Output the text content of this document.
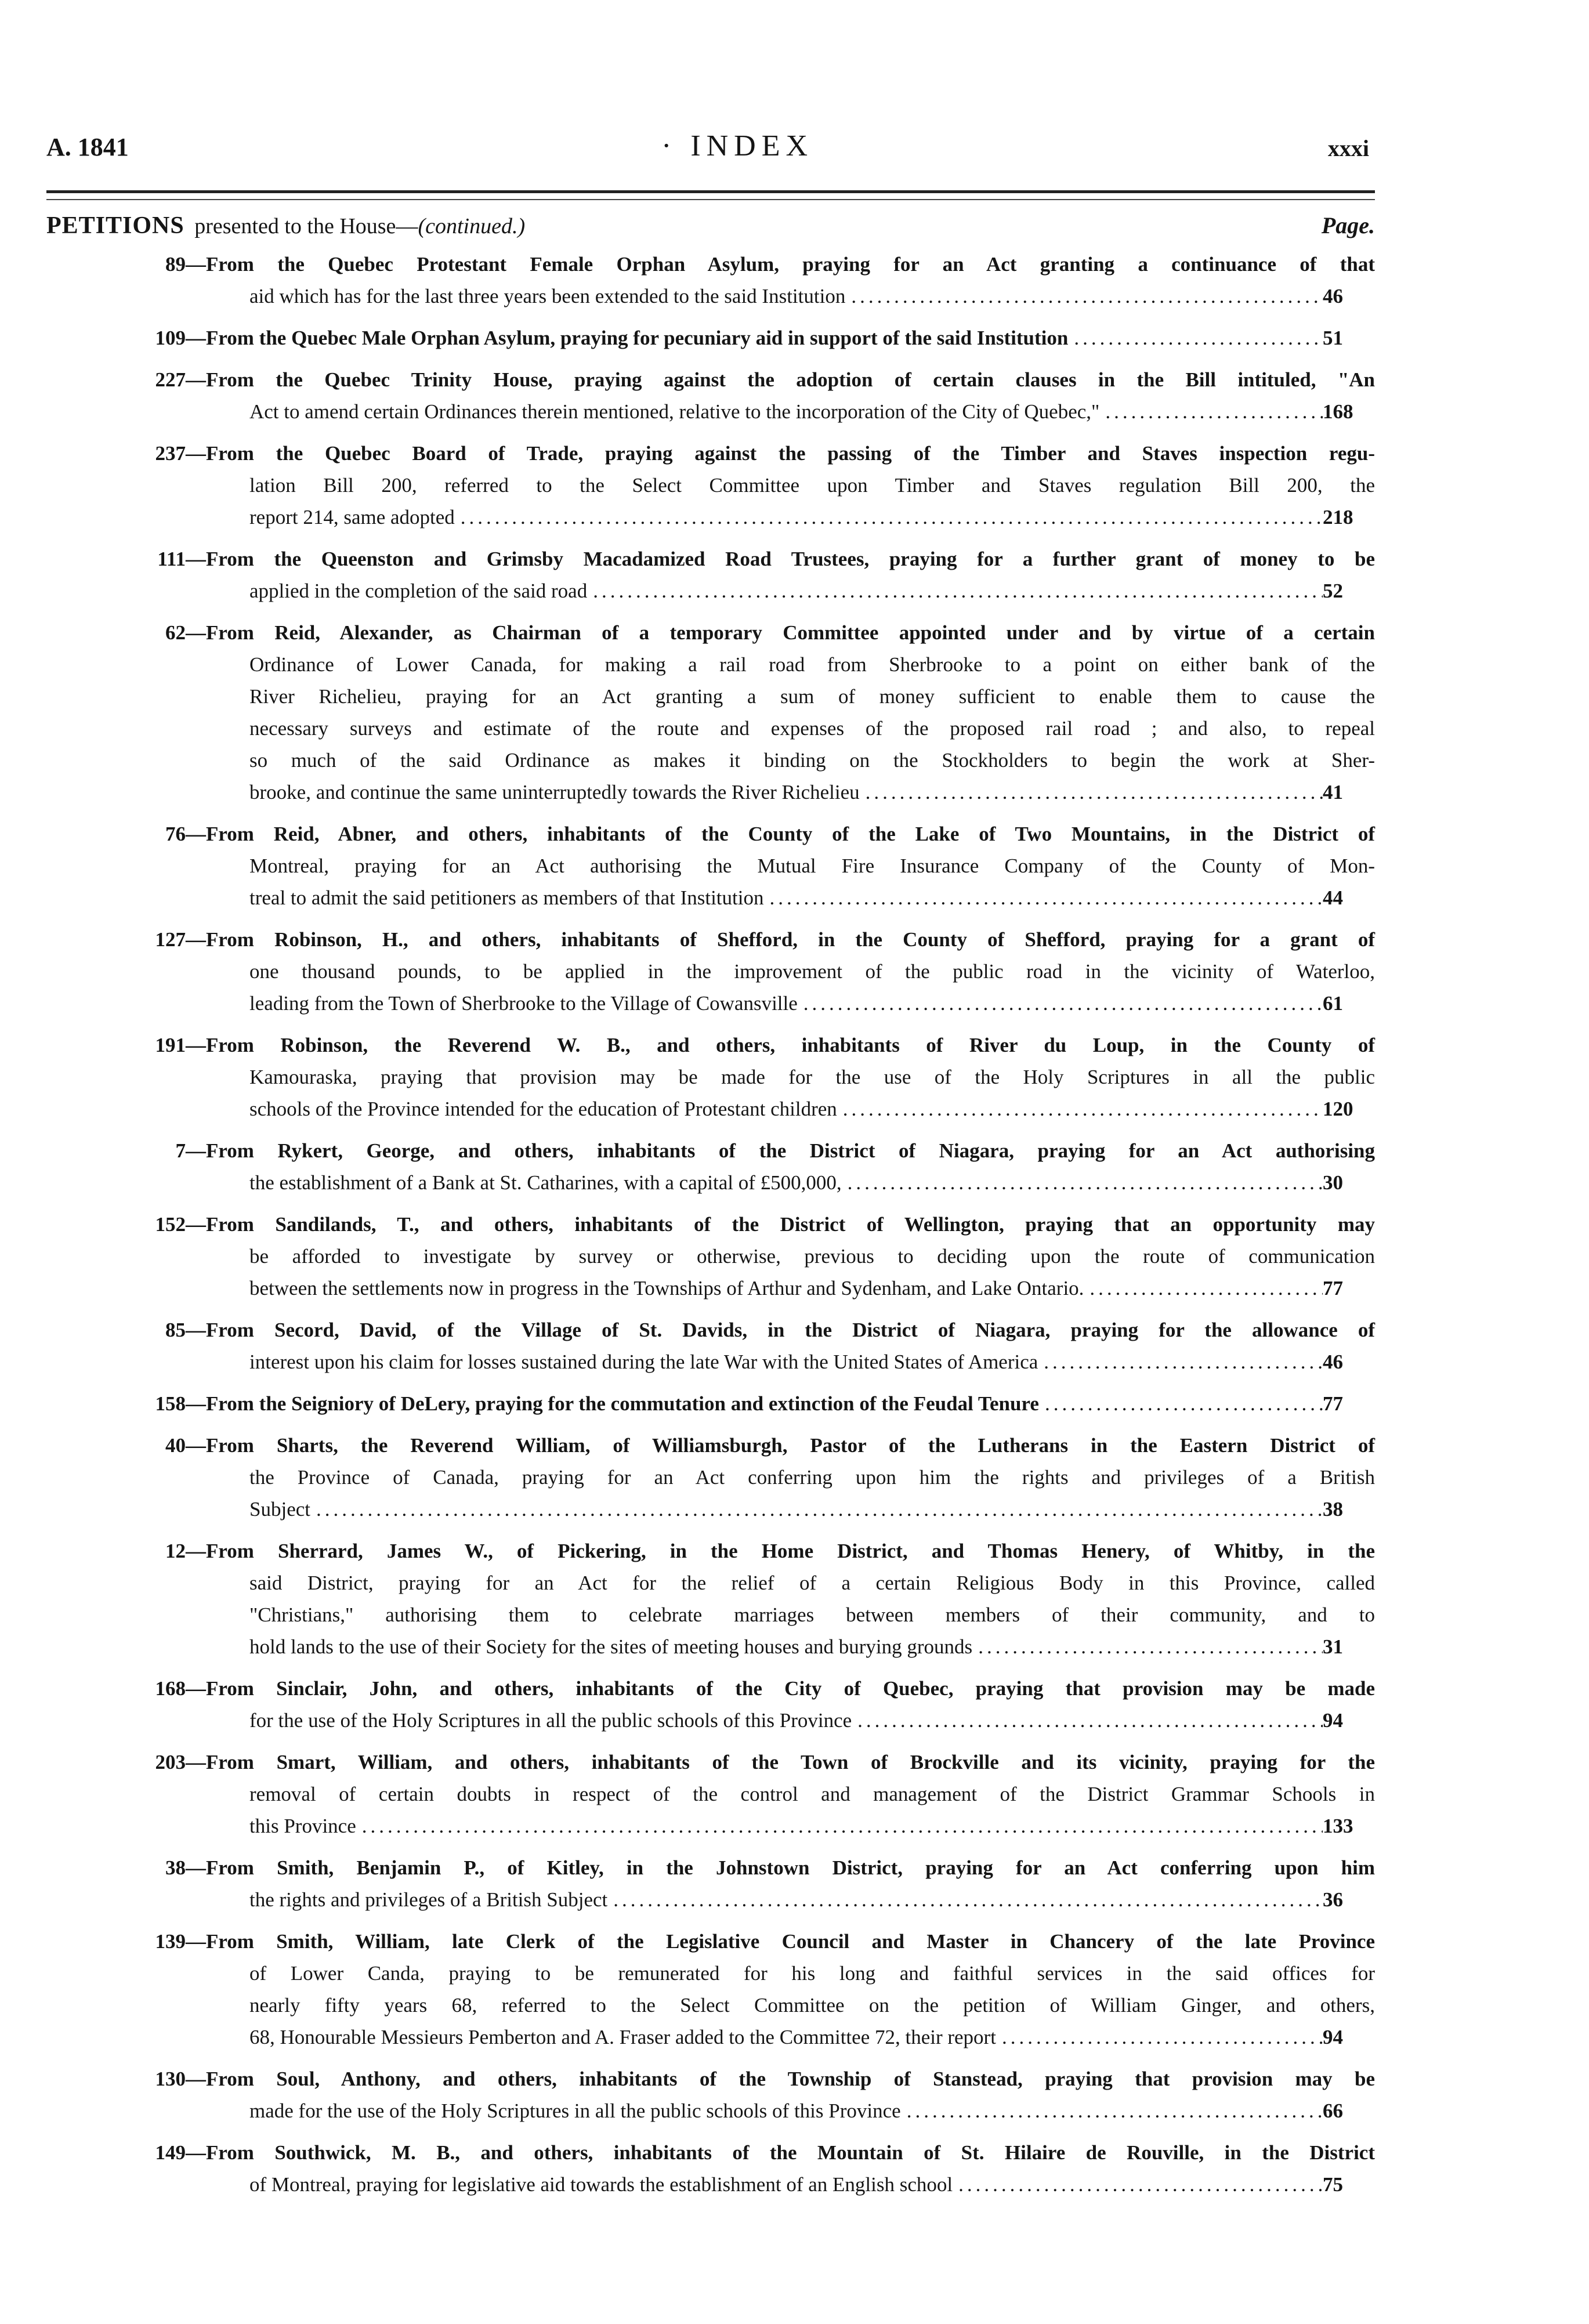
A. 1841	· INDEX	xxxi
PETITIONS presented to the House—(continued.)	Page.
89 —From the Quebec Protestant Female Orphan Asylum, praying for an Act granting a continuance of that
aid which has for the last three years been extended to the said Institution .....	46
109 — From the Quebec Male Orphan Asylum, praying for pecuniary aid in support of the said Institution .....	51
227 —From the Quebec Trinity House, praying against the adoption of certain clauses in the Bill intituled, "An
Act to amend certain Ordinances therein mentioned, relative to the incorporation of the City of Quebec," .....	168
237 —From the Quebec Board of Trade, praying against the passing of the Timber and Staves inspection regu-
lation Bill 200, referred to the Select Committee upon Timber and Staves regulation Bill 200, the
report 214, same adopted .....	218
111 —From the Queenston and Grimsby Macadamized Road Trustees, praying for a further grant of money to be
applied in the completion of the said road .....	52
62 —From Reid, Alexander, as Chairman of a temporary Committee appointed under and by virtue of a certain
Ordinance of Lower Canada, for making a rail road from Sherbrooke to a point on either bank of the
River Richelieu, praying for an Act granting a sum of money sufficient to enable them to cause the
necessary surveys and estimate of the route and expenses of the proposed rail road ; and also, to repeal
so much of the said Ordinance as makes it binding on the Stockholders to begin the work at Sher-
brooke, and continue the same uninterruptedly towards the River Richelieu .....	41
76 —From Reid, Abner, and others, inhabitants of the County of the Lake of Two Mountains, in the District of
Montreal, praying for an Act authorising the Mutual Fire Insurance Company of the County of Mon-
treal to admit the said petitioners as members of that Institution .....	44
127 —From Robinson, H., and others, inhabitants of Shefford, in the County of Shefford, praying for a grant of
one thousand pounds, to be applied in the improvement of the public road in the vicinity of Waterloo,
leading from the Town of Sherbrooke to the Village of Cowansville .....	61
191 —From Robinson, the Reverend W. B., and others, inhabitants of River du Loup, in the County of
Kamouraska, praying that provision may be made for the use of the Holy Scriptures in all the public
schools of the Province intended for the education of Protestant children .....	120
7 —From Rykert, George, and others, inhabitants of the District of Niagara, praying for an Act authorising
the establishment of a Bank at St. Catharines, with a capital of £500,000, .....	30
152 —From Sandilands, T., and others, inhabitants of the District of Wellington, praying that an opportunity may
be afforded to investigate by survey or otherwise, previous to deciding upon the route of communication
between the settlements now in progress in the Townships of Arthur and Sydenham, and Lake Ontario. .....	77
85 —From Secord, David, of the Village of St. Davids, in the District of Niagara, praying for the allowance of
interest upon his claim for losses sustained during the late War with the United States of America .....	46
158 — From the Seigniory of DeLery, praying for the commutation and extinction of the Feudal Tenure .....	77
40 —From Sharts, the Reverend William, of Williamsburgh, Pastor of the Lutherans in the Eastern District of
the Province of Canada, praying for an Act conferring upon him the rights and privileges of a British
Subject .....	38
12 —From Sherrard, James W., of Pickering, in the Home District, and Thomas Henery, of Whitby, in the
said District, praying for an Act for the relief of a certain Religious Body in this Province, called
"Christians," authorising them to celebrate marriages between members of their community, and to
hold lands to the use of their Society for the sites of meeting houses and burying grounds .....	31
168 —From Sinclair, John, and others, inhabitants of the City of Quebec, praying that provision may be made
for the use of the Holy Scriptures in all the public schools of this Province .....	94
203 —From Smart, William, and others, inhabitants of the Town of Brockville and its vicinity, praying for the
removal of certain doubts in respect of the control and management of the District Grammar Schools in
this Province .....	133
38 —From Smith, Benjamin P., of Kitley, in the Johnstown District, praying for an Act conferring upon him
the rights and privileges of a British Subject .....	36
139 —From Smith, William, late Clerk of the Legislative Council and Master in Chancery of the late Province
of Lower Canda, praying to be remunerated for his long and faithful services in the said offices for
nearly fifty years 68, referred to the Select Committee on the petition of William Ginger, and others,
68, Honourable Messieurs Pemberton and A. Fraser added to the Committee 72, their report .....	94
130 —From Soul, Anthony, and others, inhabitants of the Township of Stanstead, praying that provision may be
made for the use of the Holy Scriptures in all the public schools of this Province .....	66
149 —From Southwick, M. B., and others, inhabitants of the Mountain of St. Hilaire de Rouville, in the District
of Montreal, praying for legislative aid towards the establishment of an English school .....	75
